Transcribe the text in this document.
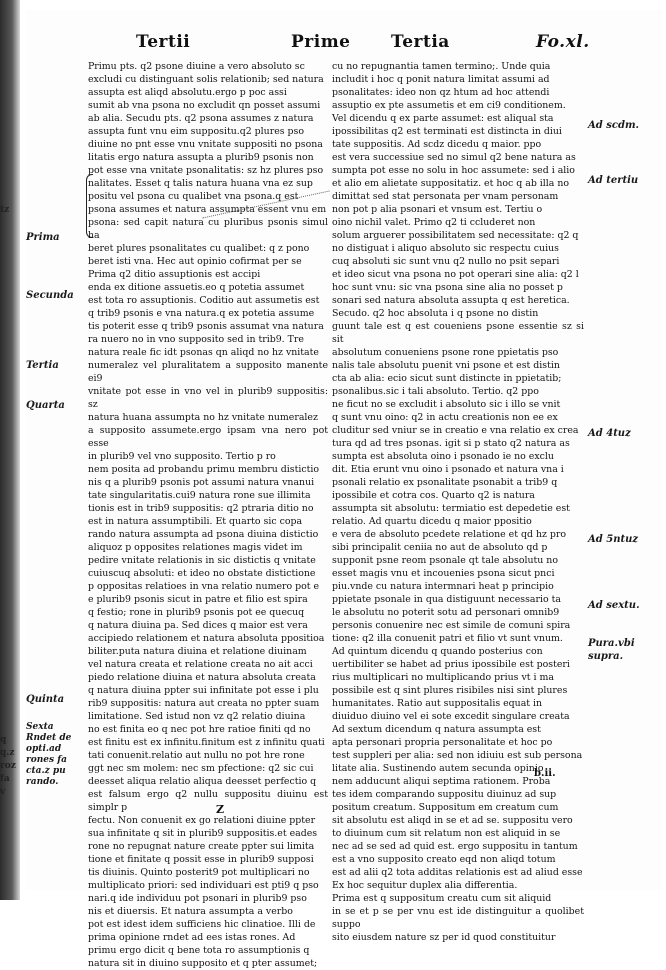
tz
q
q.z
roz
fa
v
Tertii	Prime Tertia	Fo.xl.
Prima
Secunda
Tertia
Quarta
Quinta
Sexta
Rndet de
opti.ad
rones fa
cta.z pu
rando.

Primu pts. q2 psone diuine a vero absoluto sc

excludi cu distinguant solis relationib; sed natura

assupta est aliqd absolutu.ergo p poc assi

sumit ab vna psona no excludit qn posset assumi

ab alia. Secudu pts. q2 psona assumes z natura

assupta funt vnu eim suppositu.q2 plures pso

diuine no pnt esse vnu vnitate suppositi no psona

litatis ergo natura assupta a plurib9 psonis non

pot esse vna vnitate psonalitatis: sz hz plures pso

nalitates. Esset q talis natura huana vna ez sup

positu vel psona cu qualibet vna psona.q est

psona assumes et natura assumpta essent vnu em

psona: sed capit natura cu pluribus psonis simul ha

beret plures psonalitates cu qualibet: q z pono

beret isti vna. Hec aut opinio cofirmat per se

Prima q2 ditio assuptionis est accipi

enda ex ditione assuetis.eo q potetia assumet

est tota ro assuptionis. Coditio aut assumetis est

q trib9 psonis e vna natura.q ex potetia assume

tis poterit esse q trib9 psonis assumat vna natura

ra nuero no in vno supposito sed in trib9. Tre

natura reale fic idt psonas qn aliqd no hz vnitate

numeralez vel pluralitatem a supposito manente ei9

vnitate pot esse in vno vel in plurib9 suppositis: sz

natura huana assumpta no hz vnitate numeralez

a supposito assumete.ergo ipsam vna nero pot esse

in plurib9 vel vno supposito. Tertio p ro

nem posita ad probandu primu membru distictio

nis q a plurib9 psonis pot assumi natura vnanui

tate singularitatis.cui9 natura rone sue illimita

tionis est in trib9 suppositis: q2 ptraria ditio no

est in natura assumptibili. Et quarto sic copa

rando natura assumpta ad psona diuina distictio

aliquoz p opposites relationes magis videt im

pedire vnitate relationis in sic distictis q vnitate

cuiuscuq absoluti: et ideo no obstate distictione

p oppositas relatioes in vna relatio numero pot e

e plurib9 psonis sicut in patre et filio est spira

q festio; rone in plurib9 psonis pot ee quecuq

q natura diuina pa. Sed dices q maior est vera

accipiedo relationem et natura absoluta ppositioa

biliter.puta natura diuina et relatione diuinam

vel natura creata et relatione creata no ait acci

piedo relatione diuina et natura absoluta creata

q natura diuina ppter sui infinitate pot esse i plu

rib9 suppositis: natura aut creata no ppter suam

limitatione. Sed istud non vz q2 relatio diuina

no est finita eo q nec pot hre ratioe finiti qd no

est finitu est ex infinitu.finitum est z infinitu quati

tati conuenit.relatio aut nullu no pot hre rone

ggt nec sm molem: nec sm pfectione: q2 sic cui

deesset aliqua relatio aliqua deesset perfectio q

est falsum ergo q2 nullu suppositu diuinu est simplr p

fectu. Non conuenit ex go relationi diuine ppter

sua infinitate q sit in plurib9 suppositis.et eades

rone no repugnat nature create ppter sui limita

tione et finitate q possit esse in plurib9 supposi

tis diuinis. Quinto posterit9 pot multiplicari no

multiplicato priori: sed individuari est pti9 q pso

nari.q ide individuu pot psonari in plurib9 pso

nis et diuersis. Et natura assumpta a verbo

pot est idest idem sufficiens hic clinatioe. Illi de

prima opinione rndet ad ees istas rones. Ad

primu ergo dicit q bene tota ro assumptionis q

natura sit in diuino supposito et q pter assumet;

cu no repugnantia tamen termino;. Unde quia

includit i hoc q ponit natura limitat assumi ad

psonalitates: ideo non qz htum ad hoc attendi

assuptio ex pte assumetis et em ci9 conditionem.

Vel dicendu q ex parte assumet: est aliqual sta

ipossibilitas q2 est terminati est distincta in diui

tate suppositis. Ad scdz dicedu q maior. ppo

est vera successiue sed no simul q2 bene natura as

sumpta pot esse no solu in hoc assumete: sed i alio

et alio em alietate suppositatiz. et hoc q ab illa no

dimittat sed stat personata per vnam personam

non pot p alia psonari et vnsum est. Tertiu o

oino nichil valet. Primo q2 ti ccluderet non

solum arguerer possibilitatem sed necessitate: q2 q

no distiguat i aliquo absoluto sic respectu cuius

cuq absoluti sic sunt vnu q2 nullo no psit separi

et ideo sicut vna psona no pot operari sine alia: q2 l

hoc sunt vnu: sic vna psona sine alia no posset p

sonari sed natura absoluta assupta q est heretica.

Secudo. q2 hoc absoluta i q psone no distin

guunt tale est q est coueniens psone essentie sz si sit

absolutum conueniens psone rone ppietatis pso

nalis tale absolutu puenit vni psone et est distin

cta ab alia: ecio sicut sunt distincte in ppietatib;

psonalibus.sic i tali absoluto. Tertio. q2 ppo

ne ficut no se excludit i absoluto sic i illo se vnit

q sunt vnu oino: q2 in actu creationis non ee ex

cluditur sed vniur se in creatio e vna relatio ex crea

tura qd ad tres psonas. igit si p stato q2 natura as

sumpta est absoluta oino i psonado ie no exclu

dit. Etia erunt vnu oino i psonado et natura vna i

psonali relatio ex psonalitate psonabit a trib9 q

ipossibile et cotra cos. Quarto q2 is natura

assumpta sit absolutu: termiatio est depedetie est

relatio. Ad quartu dicedu q maior ppositio

e vera de absoluto pcedete relatione et qd hz pro

sibi principalit ceniia no aut de absoluto qd p

supponit psne reom psonale qt tale absolutu no

esset magis vnu et incouenies psona sicut pnci

piu.vnde cu natura intermnari heat p principio

ppietate psonale in qua distiguunt necessario ta

le absolutu no poterit sotu ad personari omnib9

personis conuenire nec est simile de comuni spira

tione: q2 illa conuenit patri et filio vt sunt vnum.

Ad quintum dicendu q quando posterius con

uertibiliter se habet ad prius ipossibile est posteri

rius multiplicari no multiplicando prius vt i ma

possibile est q sint plures risibiles nisi sint plures

humanitates. Ratio aut suppositalis equat in

diuiduo diuino vel ei sote excedit singulare creata

Ad sextum dicendum q natura assumpta est

apta personari propria personalitate et hoc po

test suppleri per alia: sed non idiuiu est sub persona

litate alia. Sustinendo autem secunda opinio

nem adducunt aliqui septima rationem. Proba

tes idem comparando suppositu diuinuz ad sup

positum creatum. Suppositum em creatum cum

sit absolutu est aliqd in se et ad se. suppositu vero

to diuinum cum sit relatum non est aliquid in se

nec ad se sed ad quid est. ergo suppositu in tantum

est a vno supposito creato eqd non aliqd totum

est ad alii q2 tota additas relationis est ad aliud esse

Ex hoc sequitur duplex alia differentia.

Prima est q suppositum creatu cum sit aliquid

in se et p se per vnu est ide distinguitur a quolibet suppo

sito eiusdem nature sz per id quod constituitur

Ad scdm.
Ad tertiu
Ad 4tuz
Ad 5ntuz
Ad sextu.
Pura.vbi
supra.
Z
b.ii.
